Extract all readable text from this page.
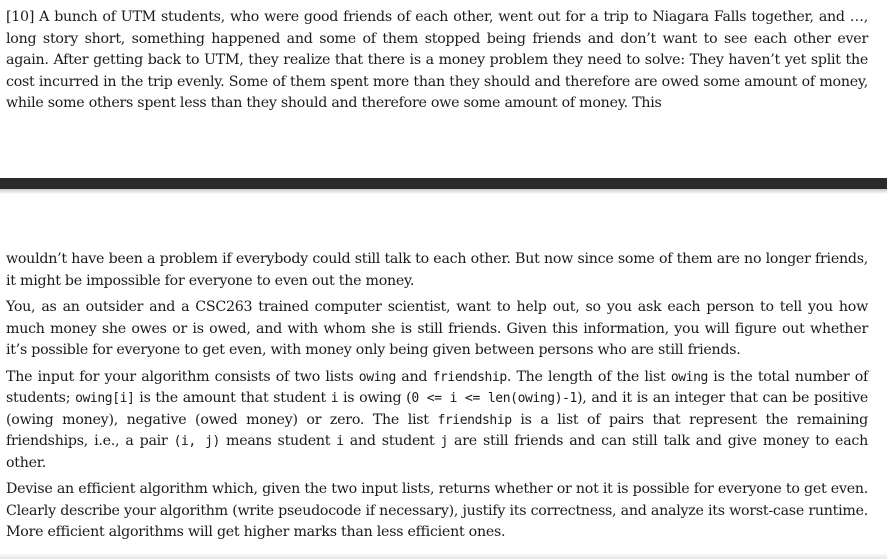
[10] A bunch of UTM students, who were good friends of each other, went out for a trip to Niagara Falls together, and …, long story short, something happened and some of them stopped being friends and don’t want to see each other ever again. After getting back to UTM, they realize that there is a money problem they need to solve: They haven’t yet split the cost incurred in the trip evenly. Some of them spent more than they should and therefore are owed some amount of money, while some others spent less than they should and therefore owe some amount of money. This

wouldn’t have been a problem if everybody could still talk to each other. But now since some of them are no longer friends, it might be impossible for everyone to even out the money.

You, as an outsider and a CSC263 trained computer scientist, want to help out, so you ask each person to tell you how much money she owes or is owed, and with whom she is still friends. Given this information, you will figure out whether it’s possible for everyone to get even, with money only being given between persons who are still friends.

The input for your algorithm consists of two lists owing and friendship. The length of the list owing is the total number of students; owing[i] is the amount that student i is owing (0 <= i <= len(owing)-1), and it is an integer that can be positive (owing money), negative (owed money) or zero. The list friendship is a list of pairs that represent the remaining friendships, i.e., a pair (i, j) means student i and student j are still friends and can still talk and give money to each other.

Devise an efficient algorithm which, given the two input lists, returns whether or not it is possible for everyone to get even. Clearly describe your algorithm (write pseudocode if necessary), justify its correctness, and analyze its worst-case runtime. More efficient algorithms will get higher marks than less efficient ones.
